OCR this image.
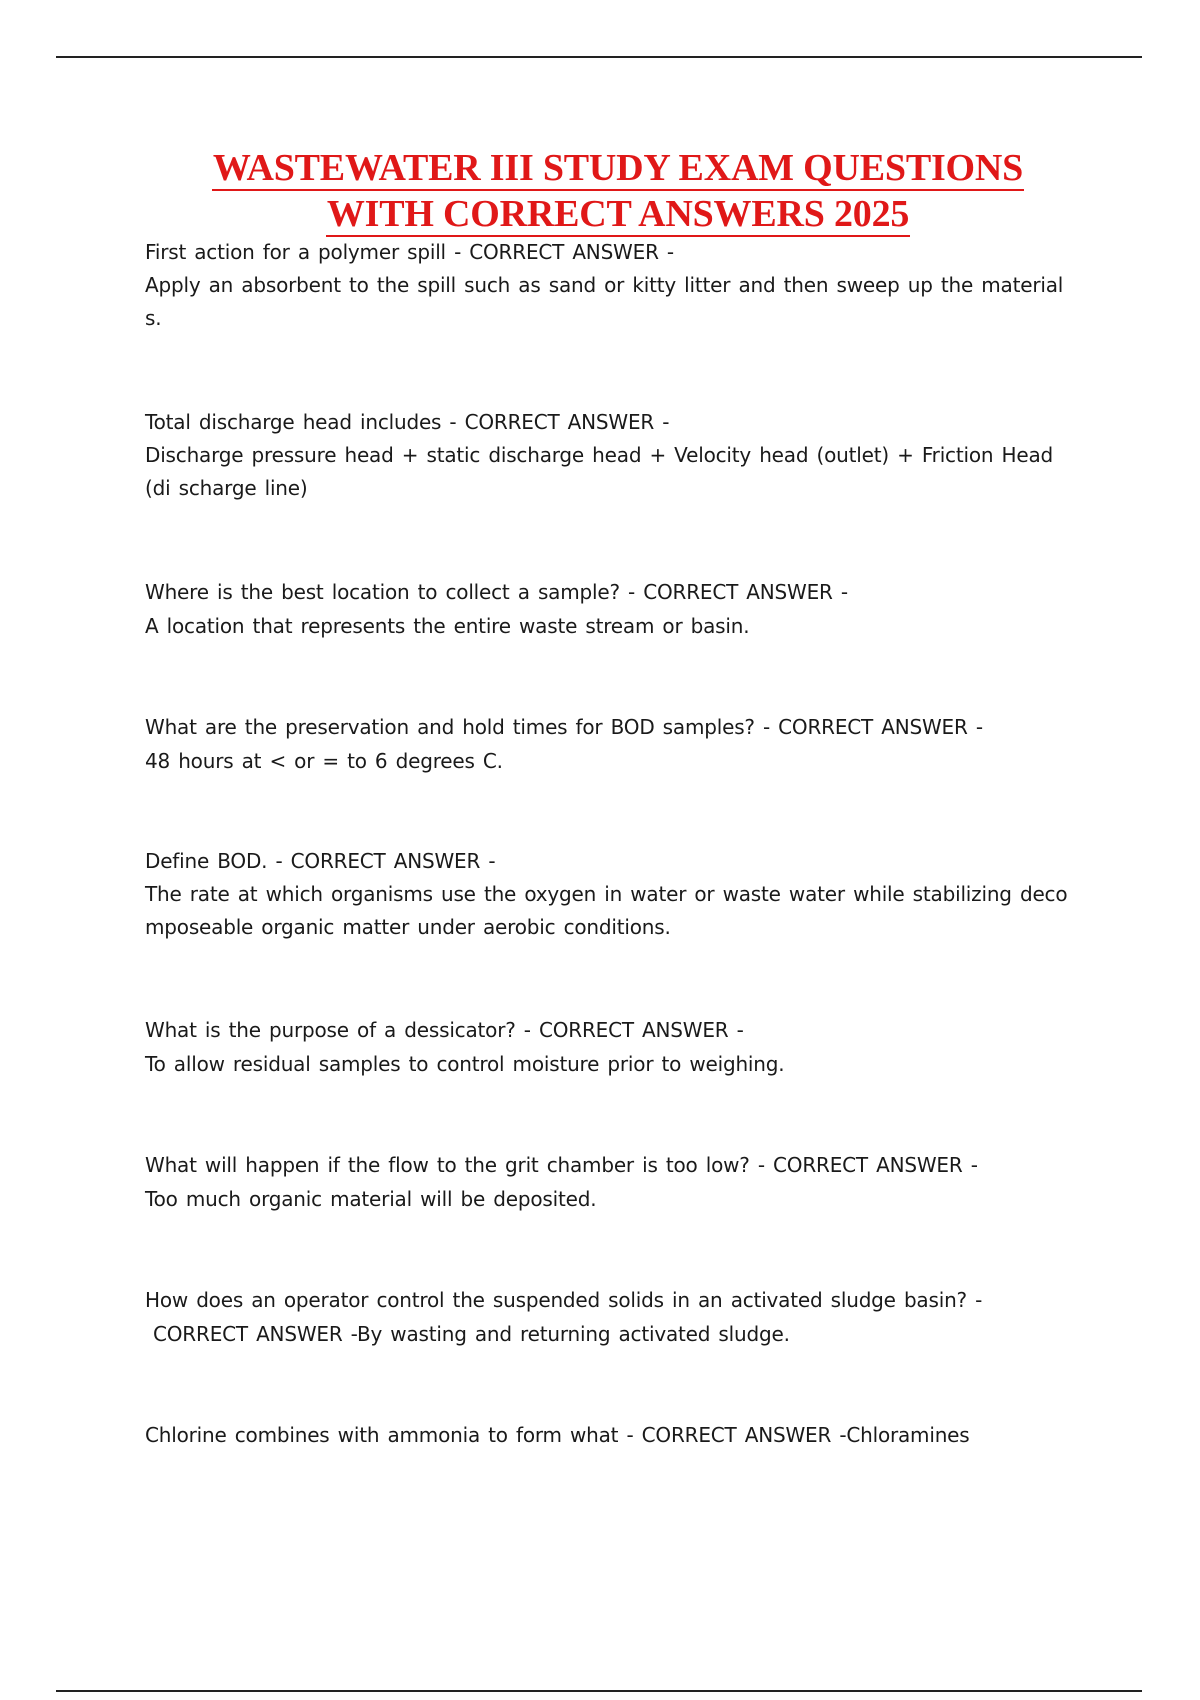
WASTEWATER III STUDY EXAM QUESTIONS
WITH CORRECT ANSWERS 2025
First action for a polymer spill - CORRECT ANSWER -
Apply an absorbent to the spill such as sand or kitty litter and then sweep up the material s.
Total discharge head includes - CORRECT ANSWER -
Discharge pressure head + static discharge head + Velocity head (outlet) + Friction Head (di scharge line)
Where is the best location to collect a sample? - CORRECT ANSWER -
A location that represents the entire waste stream or basin.
What are the preservation and hold times for BOD samples? - CORRECT ANSWER -
48 hours at < or = to 6 degrees C.
Define BOD. - CORRECT ANSWER -
The rate at which organisms use the oxygen in water or waste water while stabilizing deco mposeable organic matter under aerobic conditions.
What is the purpose of a dessicator? - CORRECT ANSWER -
To allow residual samples to control moisture prior to weighing.
What will happen if the flow to the grit chamber is too low? - CORRECT ANSWER -
Too much organic material will be deposited.
How does an operator control the suspended solids in an activated sludge basin? -
CORRECT ANSWER -By wasting and returning activated sludge.
Chlorine combines with ammonia to form what - CORRECT ANSWER -Chloramines
